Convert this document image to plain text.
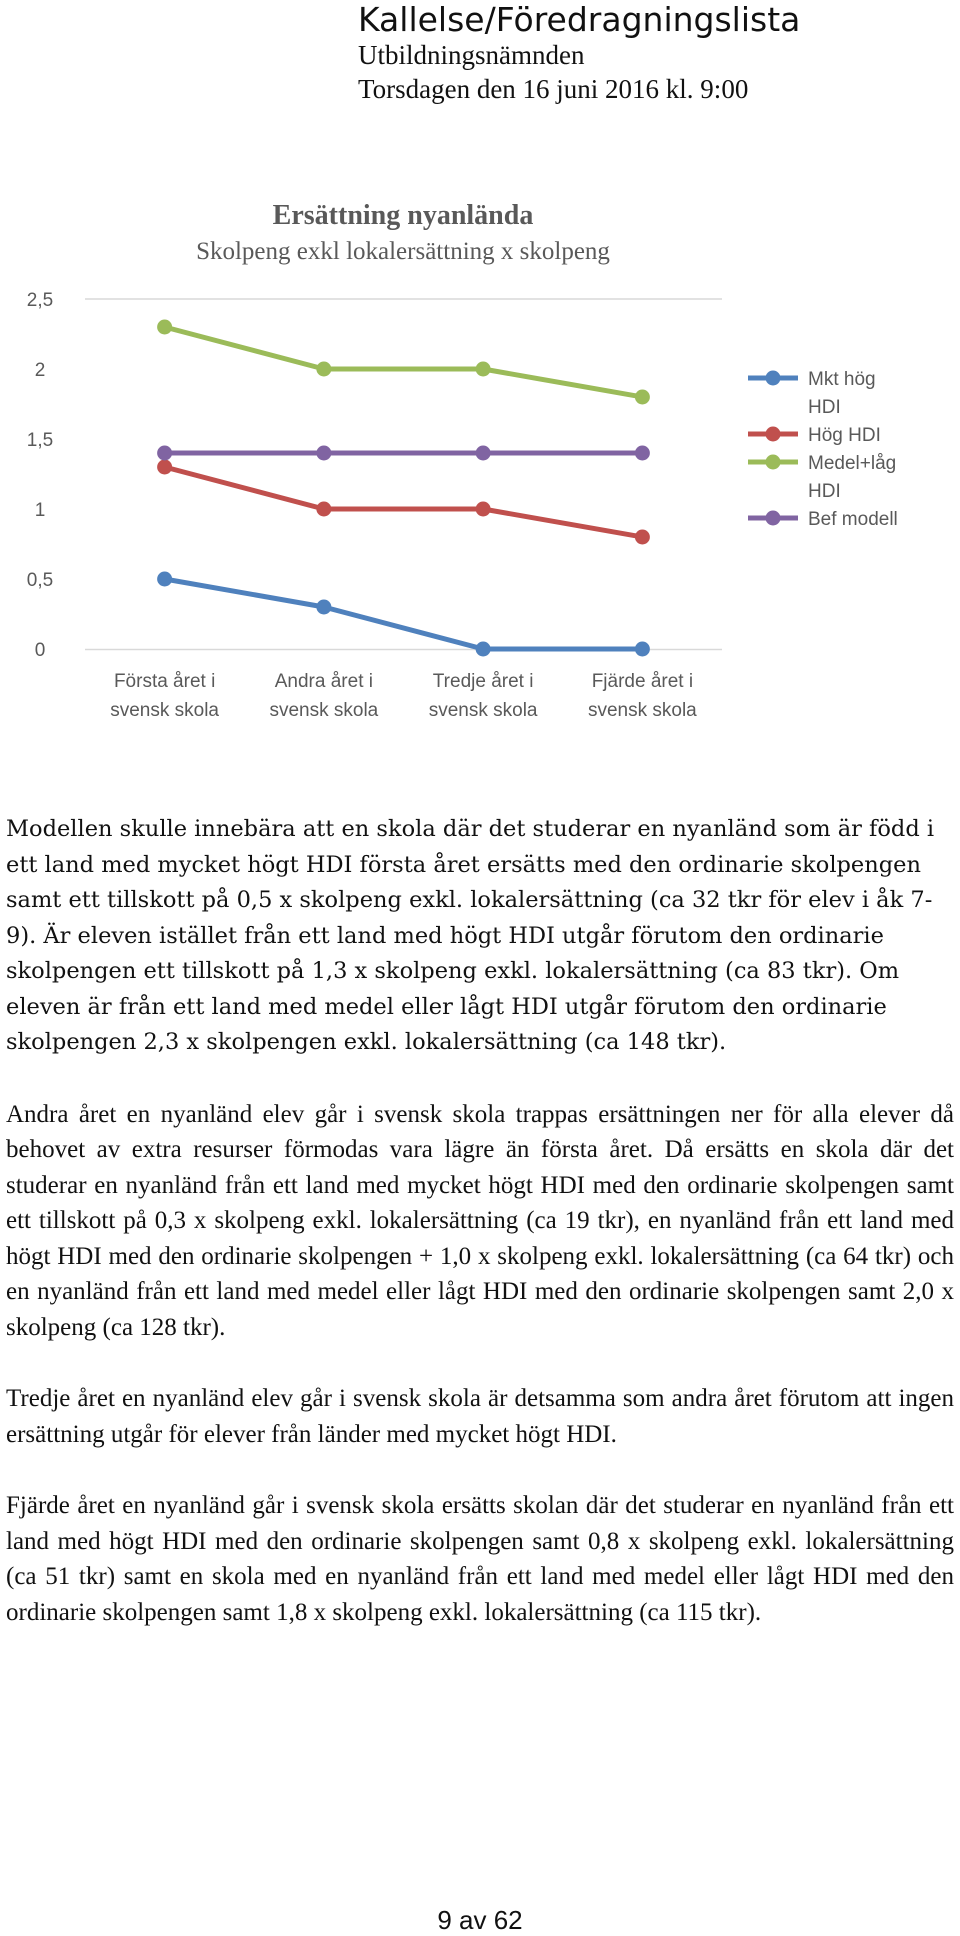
Kallelse/Föredragningslista
Utbildningsnämnden
Torsdagen den 16 juni 2016 kl. 9:00
Ersättning nyanlända
Skolpeng exkl lokalersättning x skolpeng
0
0,5
1
1,5
2
2,5
Första året i svensk skola
Andra året i svensk skola
Tredje året i svensk skola
Fjärde året i svensk skola
Mkt hög
HDI
Hög HDI
Medel+låg
HDI
Bef modell

Modellen skulle innebära att en skola där det studerar en nyanländ som är född i ett land med mycket högt HDI första året ersätts med den ordinarie skolpengen samt ett tillskott på 0,5 x skolpeng exkl. lokalersättning (ca 32 tkr för elev i åk 7-9). Är eleven istället från ett land med högt HDI utgår förutom den ordinarie skolpengen ett tillskott på 1,3 x skolpeng exkl. lokalersättning (ca 83 tkr). Om eleven är från ett land med medel eller lågt HDI utgår förutom den ordinarie skolpengen 2,3 x skolpengen exkl. lokalersättning (ca 148 tkr).

Andra året en nyanländ elev går i svensk skola trappas ersättningen ner för alla elever då behovet av extra resurser förmodas vara lägre än första året. Då ersätts en skola där det studerar en nyanländ från ett land med mycket högt HDI med den ordinarie skolpengen samt ett tillskott på 0,3 x skolpeng exkl. lokalersättning (ca 19 tkr), en nyanländ från ett land med högt HDI med den ordinarie skolpengen + 1,0 x skolpeng exkl. lokalersättning (ca 64 tkr) och en nyanländ från ett land med medel eller lågt HDI med den ordinarie skolpengen samt 2,0 x skolpeng (ca 128 tkr).

Tredje året en nyanländ elev går i svensk skola är detsamma som andra året förutom att ingen ersättning utgår för elever från länder med mycket högt HDI.

Fjärde året en nyanländ går i svensk skola ersätts skolan där det studerar en nyanländ från ett land med högt HDI med den ordinarie skolpengen samt 0,8 x skolpeng exkl. lokalersättning (ca 51 tkr) samt en skola med en nyanländ från ett land med medel eller lågt HDI med den ordinarie skolpengen samt 1,8 x skolpeng exkl. lokalersättning (ca 115 tkr).

9 av 62
